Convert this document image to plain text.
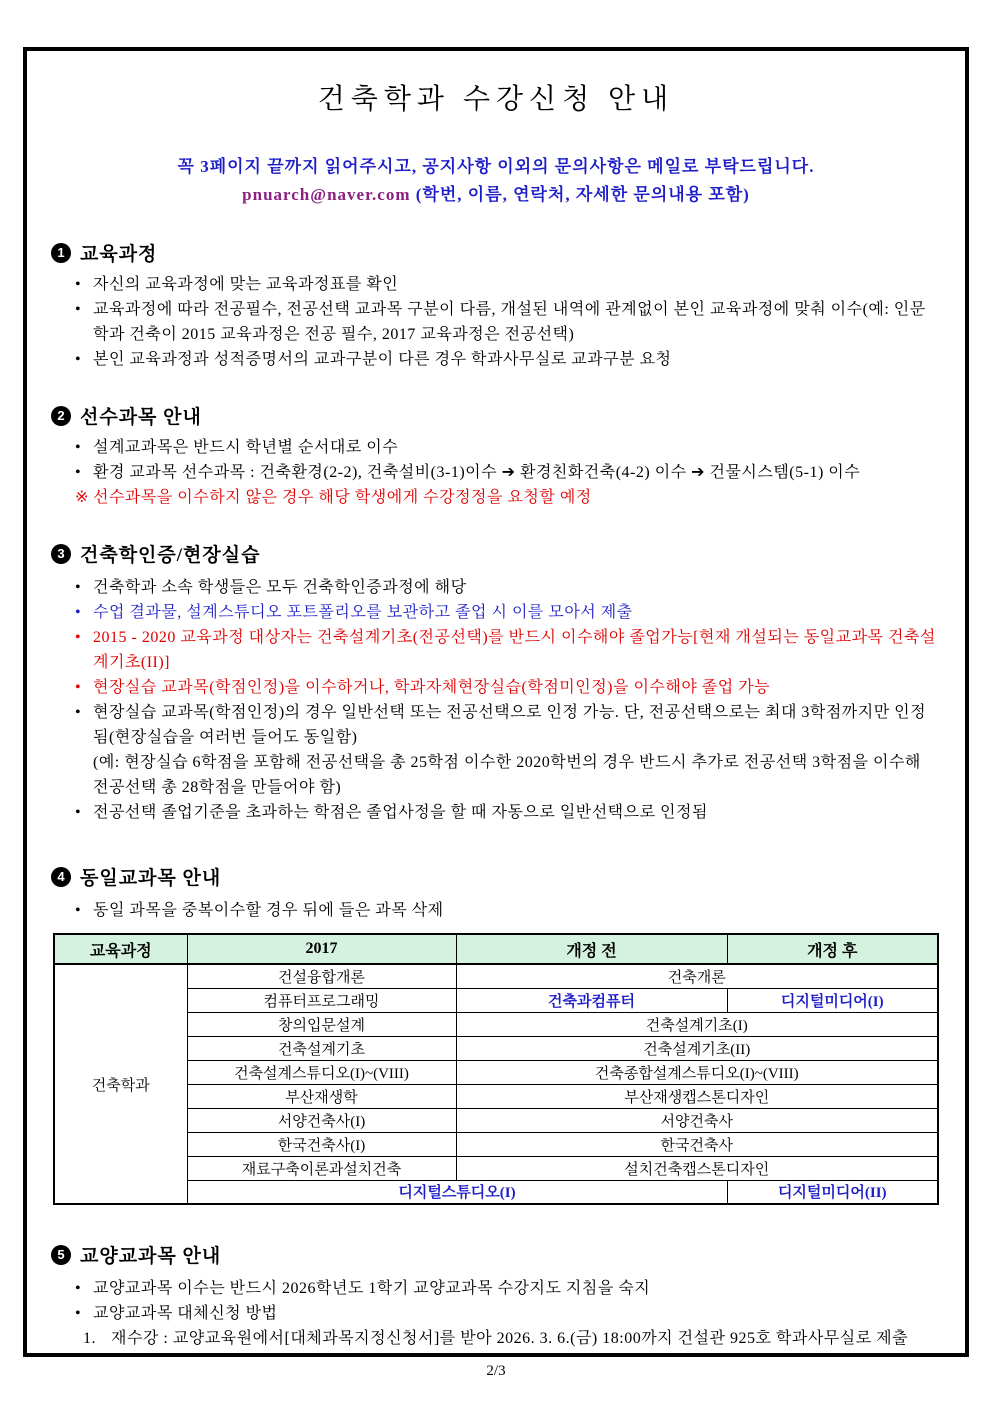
건축학과 수강신청 안내
꼭 3페이지 끝까지 읽어주시고, 공지사항 이외의 문의사항은 메일로 부탁드립니다.
pnuarch@naver.com (학번, 이름, 연락처, 자세한 문의내용 포함)
1 교육과정
• 자신의 교육과정에 맞는 교육과정표를 확인
• 교육과정에 따라 전공필수, 전공선택 교과목 구분이 다름, 개설된 내역에 관계없이 본인 교육과정에 맞춰 이수(예: 인문학과 건축이 2015 교육과정은 전공 필수, 2017 교육과정은 전공선택)
• 본인 교육과정과 성적증명서의 교과구분이 다른 경우 학과사무실로 교과구분 요청
2 선수과목 안내
• 설계교과목은 반드시 학년별 순서대로 이수
• 환경 교과목 선수과목 : 건축환경(2-2), 건축설비(3-1)이수 ➔ 환경친화건축(4-2) 이수 ➔ 건물시스템(5-1) 이수
※ 선수과목을 이수하지 않은 경우 해당 학생에게 수강정정을 요청할 예정
3 건축학인증/현장실습
• 건축학과 소속 학생들은 모두 건축학인증과정에 해당
• 수업 결과물, 설계스튜디오 포트폴리오를 보관하고 졸업 시 이를 모아서 제출
• 2015 - 2020 교육과정 대상자는 건축설계기초(전공선택)를 반드시 이수해야 졸업가능[현재 개설되는 동일교과목 건축설계기초(II)]
• 현장실습 교과목(학점인정)을 이수하거나, 학과자체현장실습(학점미인정)을 이수해야 졸업 가능
• 현장실습 교과목(학점인정)의 경우 일반선택 또는 전공선택으로 인정 가능. 단, 전공선택으로는 최대 3학점까지만 인정됨(현장실습을 여러번 들어도 동일함)
(예: 현장실습 6학점을 포함해 전공선택을 총 25학점 이수한 2020학번의 경우 반드시 추가로 전공선택 3학점을 이수해 전공선택 총 28학점을 만들어야 함)
• 전공선택 졸업기준을 초과하는 학점은 졸업사정을 할 때 자동으로 일반선택으로 인정됨
4 동일교과목 안내
• 동일 과목을 중복이수할 경우 뒤에 들은 과목 삭제
교육과정	2017	개정 전	개정 후
건축학과	건설융합개론	건축개론	
	컴퓨터프로그래밍	건축과컴퓨터	디지털미디어(I)
	창의입문설계	건축설계기초(I)	
	건축설계기초	건축설계기초(II)	
	건축설계스튜디오(I)~(VIII)	건축종합설계스튜디오(I)~(VIII)	
	부산재생학	부산재생캡스톤디자인	
	서양건축사(I)	서양건축사	
	한국건축사(I)	한국건축사	
	재료구축이론과설치건축	설치건축캡스톤디자인	
	디지털스튜디오(I)		디지털미디어(II)
5 교양교과목 안내
• 교양교과목 이수는 반드시 2026학년도 1학기 교양교과목 수강지도 지침을 숙지
• 교양교과목 대체신청 방법
1. 재수강 : 교양교육원에서[대체과목지정신청서]를 받아 2026. 3. 6.(금) 18:00까지 건설관 925호 학과사무실로 제출
2/3
